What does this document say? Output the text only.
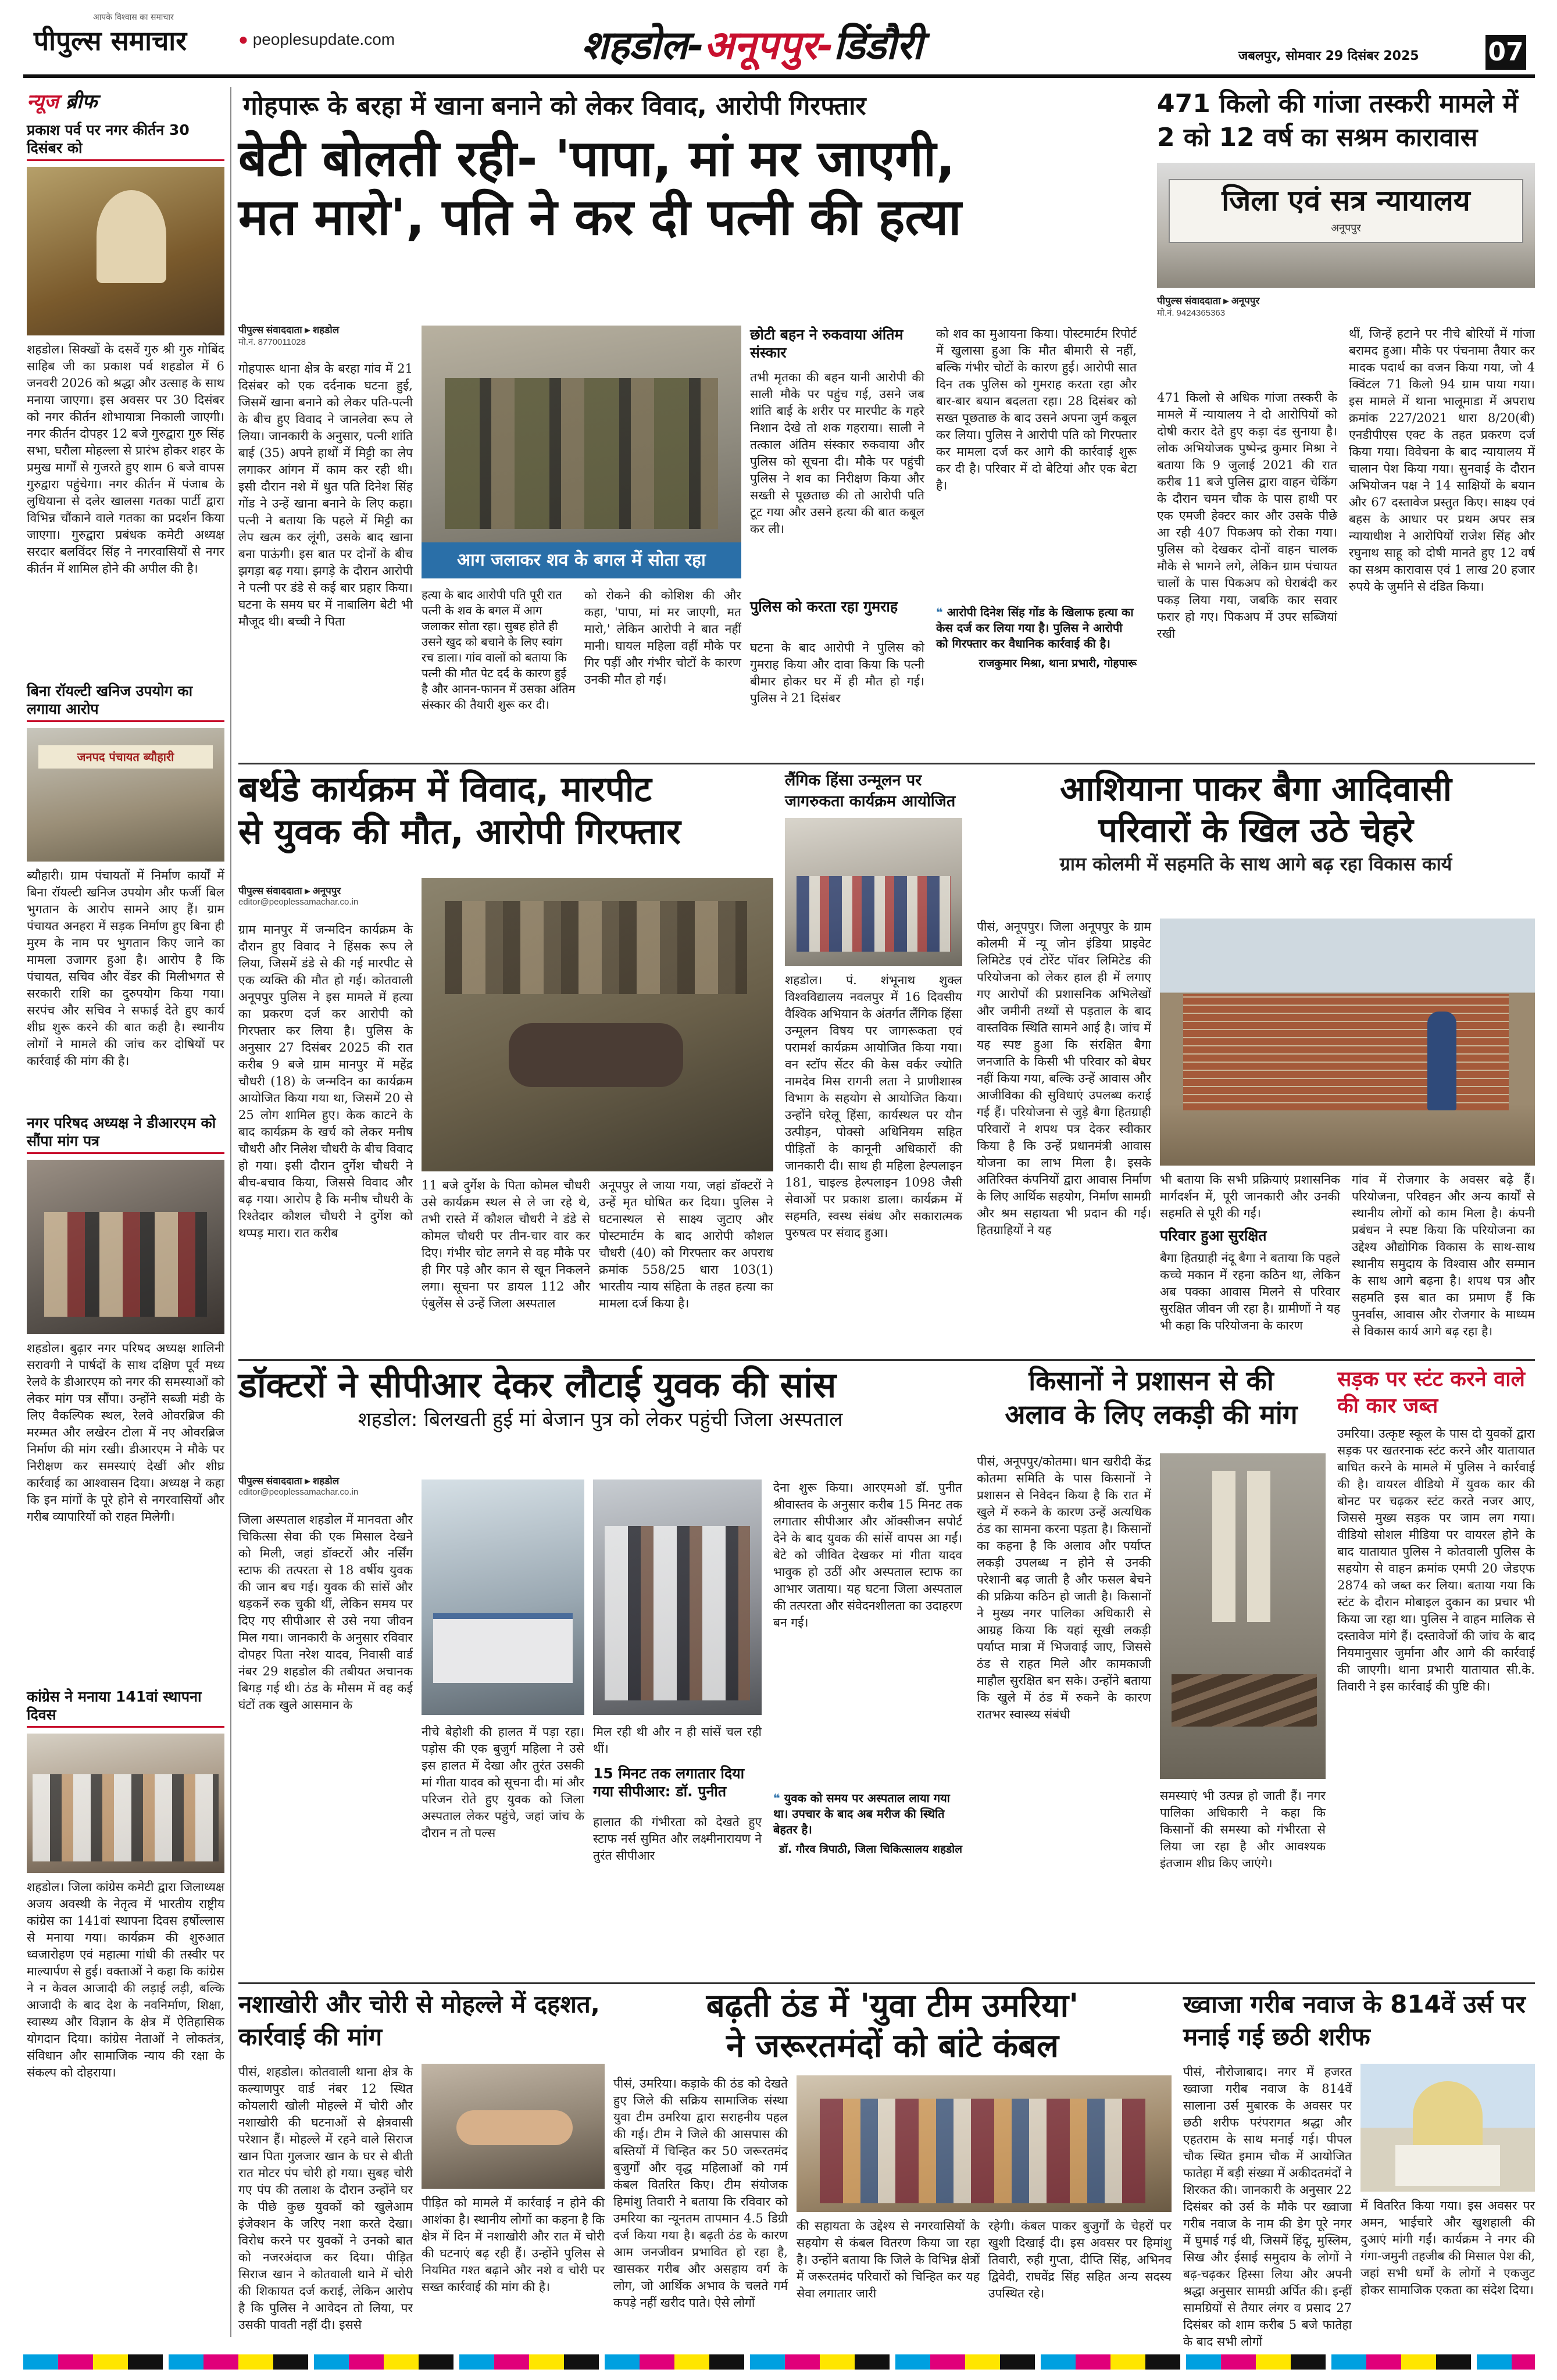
पीपुल्स समाचार
आपके विश्वास का समाचार
● peoplesupdate.com	शहडोल-अनूपपुर-डिंडौरी	जबलपुर, सोमवार 29 दिसंबर 2025	07
न्यूज ब्रीफ
प्रकाश पर्व पर नगर कीर्तन 30 दिसंबर को
शहडोल। सिक्खों के दसवें गुरु श्री गुरु गोबिंद साहिब जी का प्रकाश पर्व शहडोल में 6 जनवरी 2026 को श्रद्धा और उत्साह के साथ मनाया जाएगा। इस अवसर पर 30 दिसंबर को नगर कीर्तन शोभायात्रा निकाली जाएगी। नगर कीर्तन दोपहर 12 बजे गुरुद्वारा गुरु सिंह सभा, घरौला मोहल्ला से प्रारंभ होकर शहर के प्रमुख मार्गों से गुजरते हुए शाम 6 बजे वापस गुरुद्वारा पहुंचेगा। नगर कीर्तन में पंजाब के लुधियाना से दलेर खालसा गतका पार्टी द्वारा विभिन्न चौंकाने वाले गतका का प्रदर्शन किया जाएगा। गुरुद्वारा प्रबंधक कमेटी अध्यक्ष सरदार बलविंदर सिंह ने नगरवासियों से नगर कीर्तन में शामिल होने की अपील की है।
बिना रॉयल्टी खनिज उपयोग का लगाया आरोप
जनपद पंचायत ब्यौहारी
ब्यौहारी। ग्राम पंचायतों में निर्माण कार्यों में बिना रॉयल्टी खनिज उपयोग और फर्जी बिल भुगतान के आरोप सामने आए हैं। ग्राम पंचायत अनहरा में सड़क निर्माण हुए बिना ही मुरम के नाम पर भुगतान किए जाने का मामला उजागर हुआ है। आरोप है कि पंचायत, सचिव और वेंडर की मिलीभगत से सरकारी राशि का दुरुपयोग किया गया। सरपंच और सचिव ने सफाई देते हुए कार्य शीघ्र शुरू करने की बात कही है। स्थानीय लोगों ने मामले की जांच कर दोषियों पर कार्रवाई की मांग की है।
नगर परिषद अध्यक्ष ने डीआरएम को सौंपा मांग पत्र
शहडोल। बुढ़ार नगर परिषद अध्यक्ष शालिनी सरावगी ने पार्षदों के साथ दक्षिण पूर्व मध्य रेलवे के डीआरएम को नगर की समस्याओं को लेकर मांग पत्र सौंपा। उन्होंने सब्जी मंडी के लिए वैकल्पिक स्थल, रेलवे ओवरब्रिज की मरम्मत और लखेरन टोला में नए ओवरब्रिज निर्माण की मांग रखी। डीआरएम ने मौके पर निरीक्षण कर समस्याएं देखीं और शीघ्र कार्रवाई का आश्वासन दिया। अध्यक्ष ने कहा कि इन मांगों के पूरे होने से नगरवासियों और गरीब व्यापारियों को राहत मिलेगी।
कांग्रेस ने मनाया 141वां स्थापना दिवस
शहडोल। जिला कांग्रेस कमेटी द्वारा जिलाध्यक्ष अजय अवस्थी के नेतृत्व में भारतीय राष्ट्रीय कांग्रेस का 141वां स्थापना दिवस हर्षोल्लास से मनाया गया। कार्यक्रम की शुरुआत ध्वजारोहण एवं महात्मा गांधी की तस्वीर पर माल्यार्पण से हुई। वक्ताओं ने कहा कि कांग्रेस ने न केवल आजादी की लड़ाई लड़ी, बल्कि आजादी के बाद देश के नवनिर्माण, शिक्षा, स्वास्थ्य और विज्ञान के क्षेत्र में ऐतिहासिक योगदान दिया। कांग्रेस नेताओं ने लोकतंत्र, संविधान और सामाजिक न्याय की रक्षा के संकल्प को दोहराया।
गोहपारू के बरहा में खाना बनाने को लेकर विवाद, आरोपी गिरफ्तार
बेटी बोलती रही- 'पापा, मां मर जाएगी,
मत मारो', पति ने कर दी पत्नी की हत्या
पीपुल्स संवाददाता ▸ शहडोल
मो.नं. 8770011028
आग जलाकर शव के बगल में सोता रहा
गोहपारू थाना क्षेत्र के बरहा गांव में 21 दिसंबर को एक दर्दनाक घटना हुई, जिसमें खाना बनाने को लेकर पति-पत्नी के बीच हुए विवाद ने जानलेवा रूप ले लिया। जानकारी के अनुसार, पत्नी शांति बाई (35) अपने हाथों में मिट्टी का लेप लगाकर आंगन में काम कर रही थी। इसी दौरान नशे में धुत पति दिनेश सिंह गोंड ने उन्हें खाना बनाने के लिए कहा। पत्नी ने बताया कि पहले में मिट्टी का लेप खत्म कर लूंगी, उसके बाद खाना बना पाऊंगी। इस बात पर दोनों के बीच झगड़ा बढ़ गया। झगड़े के दौरान आरोपी ने पत्नी पर डंडे से कई बार प्रहार किया। घटना के समय घर में नाबालिग बेटी भी मौजूद थी। बच्ची ने पिता
हत्या के बाद आरोपी पति पूरी रात पत्नी के शव के बगल में आग जलाकर सोता रहा। सुबह होते ही उसने खुद को बचाने के लिए स्वांग रच डाला। गांव वालों को बताया कि पत्नी की मौत पेट दर्द के कारण हुई है और आनन-फानन में उसका अंतिम संस्कार की तैयारी शुरू कर दी।
को रोकने की कोशिश की और कहा, 'पापा, मां मर जाएगी, मत मारो,' लेकिन आरोपी ने बात नहीं मानी। घायल महिला वहीं मौके पर गिर पड़ीं और गंभीर चोटों के कारण उनकी मौत हो गई।
छोटी बहन ने रुकवाया अंतिम संस्कार
तभी मृतका की बहन यानी आरोपी की साली मौके पर पहुंच गई, उसने जब शांति बाई के शरीर पर मारपीट के गहरे निशान देखे तो शक गहराया। साली ने तत्काल अंतिम संस्कार रुकवाया और पुलिस को सूचना दी। मौके पर पहुंची पुलिस ने शव का निरीक्षण किया और सख्ती से पूछताछ की तो आरोपी पति टूट गया और उसने हत्या की बात कबूल कर ली।
पुलिस को करता रहा गुमराह
घटना के बाद आरोपी ने पुलिस को गुमराह किया और दावा किया कि पत्नी बीमार होकर घर में ही मौत हो गई। पुलिस ने 21 दिसंबर
को शव का मुआयना किया। पोस्टमार्टम रिपोर्ट में खुलासा हुआ कि मौत बीमारी से नहीं, बल्कि गंभीर चोटों के कारण हुई। आरोपी सात दिन तक पुलिस को गुमराह करता रहा और बार-बार बयान बदलता रहा। 28 दिसंबर को सख्त पूछताछ के बाद उसने अपना जुर्म कबूल कर लिया। पुलिस ने आरोपी पति को गिरफ्तार कर मामला दर्ज कर आगे की कार्रवाई शुरू कर दी है। परिवार में दो बेटियां और एक बेटा है।
❝ आरोपी दिनेश सिंह गोंड के खिलाफ हत्या का केस दर्ज कर लिया गया है। पुलिस ने आरोपी को गिरफ्तार कर वैधानिक कार्रवाई की है।
राजकुमार मिश्रा, थाना प्रभारी, गोहपारू
471 किलो की गांजा तस्करी मामले में 2 को 12 वर्ष का सश्रम कारावास
जिला एवं सत्र न्यायालय
अनूपपुर
पीपुल्स संवाददाता ▸ अनूपपुर
मो.नं. 9424365363
471 किलो से अधिक गांजा तस्करी के मामले में न्यायालय ने दो आरोपियों को दोषी करार देते हुए कड़ा दंड सुनाया है। लोक अभियोजक पुष्पेन्द्र कुमार मिश्रा ने बताया कि 9 जुलाई 2021 की रात करीब 11 बजे पुलिस द्वारा वाहन चेकिंग के दौरान चमन चौक के पास हाथी पर एक एमजी हेक्टर कार और उसके पीछे आ रही 407 पिकअप को रोका गया। पुलिस को देखकर दोनों वाहन चालक मौके से भागने लगे, लेकिन ग्राम पंचायत चालों के पास पिकअप को घेराबंदी कर पकड़ लिया गया, जबकि कार सवार फरार हो गए। पिकअप में उपर सब्जियां रखी
थीं, जिन्हें हटाने पर नीचे बोरियों में गांजा बरामद हुआ। मौके पर पंचनामा तैयार कर मादक पदार्थ का वजन किया गया, जो 4 क्विंटल 71 किलो 94 ग्राम पाया गया। इस मामले में थाना भालूमाडा में अपराध क्रमांक 227/2021 धारा 8/20(बी) एनडीपीएस एक्ट के तहत प्रकरण दर्ज किया गया। विवेचना के बाद न्यायालय में चालान पेश किया गया। सुनवाई के दौरान अभियोजन पक्ष ने 14 साक्षियों के बयान और 67 दस्तावेज प्रस्तुत किए। साक्ष्य एवं बहस के आधार पर प्रथम अपर सत्र न्यायाधीश ने आरोपियों राजेश सिंह और रघुनाथ साहू को दोषी मानते हुए 12 वर्ष का सश्रम कारावास एवं 1 लाख 20 हजार रुपये के जुर्माने से दंडित किया।
बर्थडे कार्यक्रम में विवाद, मारपीट
से युवक की मौत, आरोपी गिरफ्तार
पीपुल्स संवाददाता ▸ अनूपपुर
editor@peoplessamachar.co.in
ग्राम मानपुर में जन्मदिन कार्यक्रम के दौरान हुए विवाद ने हिंसक रूप ले लिया, जिसमें डंडे से की गई मारपीट से एक व्यक्ति की मौत हो गई। कोतवाली अनूपपुर पुलिस ने इस मामले में हत्या का प्रकरण दर्ज कर आरोपी को गिरफ्तार कर लिया है। पुलिस के अनुसार 27 दिसंबर 2025 की रात करीब 9 बजे ग्राम मानपुर में महेंद्र चौधरी (18) के जन्मदिन का कार्यक्रम आयोजित किया गया था, जिसमें 20 से 25 लोग शामिल हुए। केक काटने के बाद कार्यक्रम के खर्च को लेकर मनीष चौधरी और निलेश चौधरी के बीच विवाद हो गया। इसी दौरान दुर्गेश चौधरी ने बीच-बचाव किया, जिससे विवाद और बढ़ गया। आरोप है कि मनीष चौधरी के रिश्तेदार कौशल चौधरी ने दुर्गेश को थप्पड़ मारा। रात करीब
11 बजे दुर्गेश के पिता कोमल चौधरी उसे कार्यक्रम स्थल से ले जा रहे थे, तभी रास्ते में कौशल चौधरी ने डंडे से कोमल चौधरी पर तीन-चार वार कर दिए। गंभीर चोट लगने से वह मौके पर ही गिर पड़े और कान से खून निकलने लगा। सूचना पर डायल 112 और एंबुलेंस से उन्हें जिला अस्पताल
अनूपपुर ले जाया गया, जहां डॉक्टरों ने उन्हें मृत घोषित कर दिया। पुलिस ने घटनास्थल से साक्ष्य जुटाए और पोस्टमार्टम के बाद आरोपी कौशल चौधरी (40) को गिरफ्तार कर अपराध क्रमांक 558/25 धारा 103(1) भारतीय न्याय संहिता के तहत हत्या का मामला दर्ज किया है।
लैंगिक हिंसा उन्मूलन पर जागरुकता कार्यक्रम आयोजित
शहडोल। पं. शंभूनाथ शुक्ल विश्वविद्यालय नवलपुर में 16 दिवसीय वैश्विक अभियान के अंतर्गत लैंगिक हिंसा उन्मूलन विषय पर जागरूकता एवं परामर्श कार्यक्रम आयोजित किया गया। वन स्टॉप सेंटर की केस वर्कर ज्योति नामदेव मिस रागनी लता ने प्राणीशास्त्र विभाग के सहयोग से आयोजित किया। उन्होंने घरेलू हिंसा, कार्यस्थल पर यौन उत्पीड़न, पोक्सो अधिनियम सहित पीड़ितों के कानूनी अधिकारों की जानकारी दी। साथ ही महिला हेल्पलाइन 181, चाइल्ड हेल्पलाइन 1098 जैसी सेवाओं पर प्रकाश डाला। कार्यक्रम में सहमति, स्वस्थ संबंध और सकारात्मक पुरुषत्व पर संवाद हुआ।
आशियाना पाकर बैगा आदिवासी
परिवारों के खिल उठे चेहरे
ग्राम कोलमी में सहमति के साथ आगे बढ़ रहा विकास कार्य
पीसं, अनूपपुर। जिला अनूपपुर के ग्राम कोलमी में न्यू जोन इंडिया प्राइवेट लिमिटेड एवं टोरेंट पॉवर लिमिटेड की परियोजना को लेकर हाल ही में लगाए गए आरोपों की प्रशासनिक अभिलेखों और जमीनी तथ्यों से पड़ताल के बाद वास्तविक स्थिति सामने आई है। जांच में यह स्पष्ट हुआ कि संरक्षित बैगा जनजाति के किसी भी परिवार को बेघर नहीं किया गया, बल्कि उन्हें आवास और आजीविका की सुविधाएं उपलब्ध कराई गई हैं। परियोजना से जुड़े बैगा हितग्राही परिवारों ने शपथ पत्र देकर स्वीकार किया है कि उन्हें प्रधानमंत्री आवास योजना का लाभ मिला है। इसके अतिरिक्त कंपनियों द्वारा आवास निर्माण के लिए आर्थिक सहयोग, निर्माण सामग्री और श्रम सहायता भी प्रदान की गई। हितग्राहियों ने यह
भी बताया कि सभी प्रक्रियाएं प्रशासनिक मार्गदर्शन में, पूरी जानकारी और उनकी सहमति से पूरी की गईं।
परिवार हुआ सुरक्षित
बैगा हितग्राही नंदू बैगा ने बताया कि पहले कच्चे मकान में रहना कठिन था, लेकिन अब पक्का आवास मिलने से परिवार सुरक्षित जीवन जी रहा है। ग्रामीणों ने यह भी कहा कि परियोजना के कारण
गांव में रोजगार के अवसर बढ़े हैं। परियोजना, परिवहन और अन्य कार्यों से स्थानीय लोगों को काम मिला है। कंपनी प्रबंधन ने स्पष्ट किया कि परियोजना का उद्देश्य औद्योगिक विकास के साथ-साथ स्थानीय समुदाय के विश्वास और सम्मान के साथ आगे बढ़ना है। शपथ पत्र और सहमति इस बात का प्रमाण हैं कि पुनर्वास, आवास और रोजगार के माध्यम से विकास कार्य आगे बढ़ रहा है।
डॉक्टरों ने सीपीआर देकर लौटाई युवक की सांस
शहडोल: बिलखती हुई मां बेजान पुत्र को लेकर पहुंची जिला अस्पताल
पीपुल्स संवाददाता ▸ शहडोल
editor@peoplessamachar.co.in
जिला अस्पताल शहडोल में मानवता और चिकित्सा सेवा की एक मिसाल देखने को मिली, जहां डॉक्टरों और नर्सिंग स्टाफ की तत्परता से 18 वर्षीय युवक की जान बच गई। युवक की सांसें और धड़कनें रुक चुकी थीं, लेकिन समय पर दिए गए सीपीआर से उसे नया जीवन मिल गया। जानकारी के अनुसार रविवार दोपहर पिता नरेश यादव, निवासी वार्ड नंबर 29 शहडोल की तबीयत अचानक बिगड़ गई थी। ठंड के मौसम में वह कई घंटों तक खुले आसमान के
नीचे बेहोशी की हालत में पड़ा रहा। पड़ोस की एक बुजुर्ग महिला ने उसे इस हालत में देखा और तुरंत उसकी मां गीता यादव को सूचना दी। मां और परिजन रोते हुए युवक को जिला अस्पताल लेकर पहुंचे, जहां जांच के दौरान न तो पल्स
मिल रही थी और न ही सांसें चल रही थीं।
15 मिनट तक लगातार दिया गया सीपीआर: डॉ. पुनीत
हालात की गंभीरता को देखते हुए स्टाफ नर्स सुमित और लक्ष्मीनारायण ने तुरंत सीपीआर
देना शुरू किया। आरएमओ डॉ. पुनीत श्रीवास्तव के अनुसार करीब 15 मिनट तक लगातार सीपीआर और ऑक्सीजन सपोर्ट देने के बाद युवक की सांसें वापस आ गईं। बेटे को जीवित देखकर मां गीता यादव भावुक हो उठीं और अस्पताल स्टाफ का आभार जताया। यह घटना जिला अस्पताल की तत्परता और संवेदनशीलता का उदाहरण बन गई।
❝ युवक को समय पर अस्पताल लाया गया था। उपचार के बाद अब मरीज की स्थिति बेहतर है।
डॉ. गौरव त्रिपाठी, जिला चिकित्सालय शहडोल
किसानों ने प्रशासन से की
अलाव के लिए लकड़ी की मांग
पीसं, अनूपपुर/कोतमा। धान खरीदी केंद्र कोतमा समिति के पास किसानों ने प्रशासन से निवेदन किया है कि रात में खुले में रुकने के कारण उन्हें अत्यधिक ठंड का सामना करना पड़ता है। किसानों का कहना है कि अलाव और पर्याप्त लकड़ी उपलब्ध न होने से उनकी परेशानी बढ़ जाती है और फसल बेचने की प्रक्रिया कठिन हो जाती है। किसानों ने मुख्य नगर पालिका अधिकारी से आग्रह किया कि यहां सूखी लकड़ी पर्याप्त मात्रा में भिजवाई जाए, जिससे ठंड से राहत मिले और कामकाजी माहौल सुरक्षित बन सके। उन्होंने बताया कि खुले में ठंड में रुकने के कारण रातभर स्वास्थ्य संबंधी
समस्याएं भी उत्पन्न हो जाती हैं। नगर पालिका अधिकारी ने कहा कि किसानों की समस्या को गंभीरता से लिया जा रहा है और आवश्यक इंतजाम शीघ्र किए जाएंगे।
सड़क पर स्टंट करने वाले की कार जब्त
उमरिया। उत्कृष्ट स्कूल के पास दो युवकों द्वारा सड़क पर खतरनाक स्टंट करने और यातायात बाधित करने के मामले में पुलिस ने कार्रवाई की है। वायरल वीडियो में युवक कार की बोनट पर चढ़कर स्टंट करते नजर आए, जिससे मुख्य सड़क पर जाम लग गया। वीडियो सोशल मीडिया पर वायरल होने के बाद यातायात पुलिस ने कोतवाली पुलिस के सहयोग से वाहन क्रमांक एमपी 20 जेडएफ 2874 को जब्त कर लिया। बताया गया कि स्टंट के दौरान मोबाइल दुकान का प्रचार भी किया जा रहा था। पुलिस ने वाहन मालिक से दस्तावेज मांगे हैं। दस्तावेजों की जांच के बाद नियमानुसार जुर्माना और आगे की कार्रवाई की जाएगी। थाना प्रभारी यातायात सी.के. तिवारी ने इस कार्रवाई की पुष्टि की।
नशाखोरी और चोरी से मोहल्ले में दहशत, कार्रवाई की मांग
पीसं, शहडोल। कोतवाली थाना क्षेत्र के कल्याणपुर वार्ड नंबर 12 स्थित कोयलारी खोली मोहल्ले में चोरी और नशाखोरी की घटनाओं से क्षेत्रवासी परेशान हैं। मोहल्ले में रहने वाले सिराज खान पिता गुलजार खान के घर से बीती रात मोटर पंप चोरी हो गया। सुबह चोरी गए पंप की तलाश के दौरान उन्होंने घर के पीछे कुछ युवकों को खुलेआम इंजेक्शन के जरिए नशा करते देखा। विरोध करने पर युवकों ने उनको बात को नजरअंदाज कर दिया। पीड़ित सिराज खान ने कोतवाली थाने में चोरी की शिकायत दर्ज कराई, लेकिन आरोप है कि पुलिस ने आवेदन तो लिया, पर उसकी पावती नहीं दी। इससे
पीड़ित को मामले में कार्रवाई न होने की आशंका है। स्थानीय लोगों का कहना है कि क्षेत्र में दिन में नशाखोरी और रात में चोरी की घटनाएं बढ़ रही हैं। उन्होंने पुलिस से नियमित गश्त बढ़ाने और नशे व चोरी पर सख्त कार्रवाई की मांग की है।
बढ़ती ठंड में 'युवा टीम उमरिया'
ने जरूरतमंदों को बांटे कंबल
पीसं, उमरिया। कड़ाके की ठंड को देखते हुए जिले की सक्रिय सामाजिक संस्था युवा टीम उमरिया द्वारा सराहनीय पहल की गई। टीम ने जिले की आसपास की बस्तियों में चिन्हित कर 50 जरूरतमंद बुजुर्गों और वृद्ध महिलाओं को गर्म कंबल वितरित किए। टीम संयोजक हिमांशु तिवारी ने बताया कि रविवार को उमरिया का न्यूनतम तापमान 4.5 डिग्री दर्ज किया गया है। बढ़ती ठंड के कारण आम जनजीवन प्रभावित हो रहा है, खासकर गरीब और असहाय वर्ग के लोग, जो आर्थिक अभाव के चलते गर्म कपड़े नहीं खरीद पाते। ऐसे लोगों
की सहायता के उद्देश्य से नगरवासियों के सहयोग से कंबल वितरण किया जा रहा है। उन्होंने बताया कि जिले के विभिन्न क्षेत्रों में जरूरतमंद परिवारों को चिन्हित कर यह सेवा लगातार जारी
रहेगी। कंबल पाकर बुजुर्गों के चेहरों पर खुशी दिखाई दी। इस अवसर पर हिमांशु तिवारी, रुही गुप्ता, दीप्ति सिंह, अभिनव द्विवेदी, राघवेंद्र सिंह सहित अन्य सदस्य उपस्थित रहे।
ख्वाजा गरीब नवाज के 814वें उर्स पर मनाई गई छठी शरीफ
पीसं, नौरोजाबाद। नगर में हजरत ख्वाजा गरीब नवाज के 814वें सालाना उर्स मुबारक के अवसर पर छठी शरीफ परंपरागत श्रद्धा और एहतराम के साथ मनाई गई। पीपल चौक स्थित इमाम चौक में आयोजित फातेहा में बड़ी संख्या में अकीदतमंदों ने शिरकत की। जानकारी के अनुसार 22 दिसंबर को उर्स के मौके पर ख्वाजा गरीब नवाज के नाम की डेग पूरे नगर में घुमाई गई थी, जिसमें हिंदू, मुस्लिम, सिख और ईसाई समुदाय के लोगों ने बढ़-चढ़कर हिस्सा लिया और अपनी श्रद्धा अनुसार सामग्री अर्पित की। इन्हीं सामग्रियों से तैयार लंगर व प्रसाद 27 दिसंबर को शाम करीब 5 बजे फातेहा के बाद सभी लोगों
में वितरित किया गया। इस अवसर पर अमन, भाईचारे और खुशहाली की दुआएं मांगी गईं। कार्यक्रम ने नगर की गंगा-जमुनी तहजीब की मिसाल पेश की, जहां सभी धर्मों के लोगों ने एकजुट होकर सामाजिक एकता का संदेश दिया।
